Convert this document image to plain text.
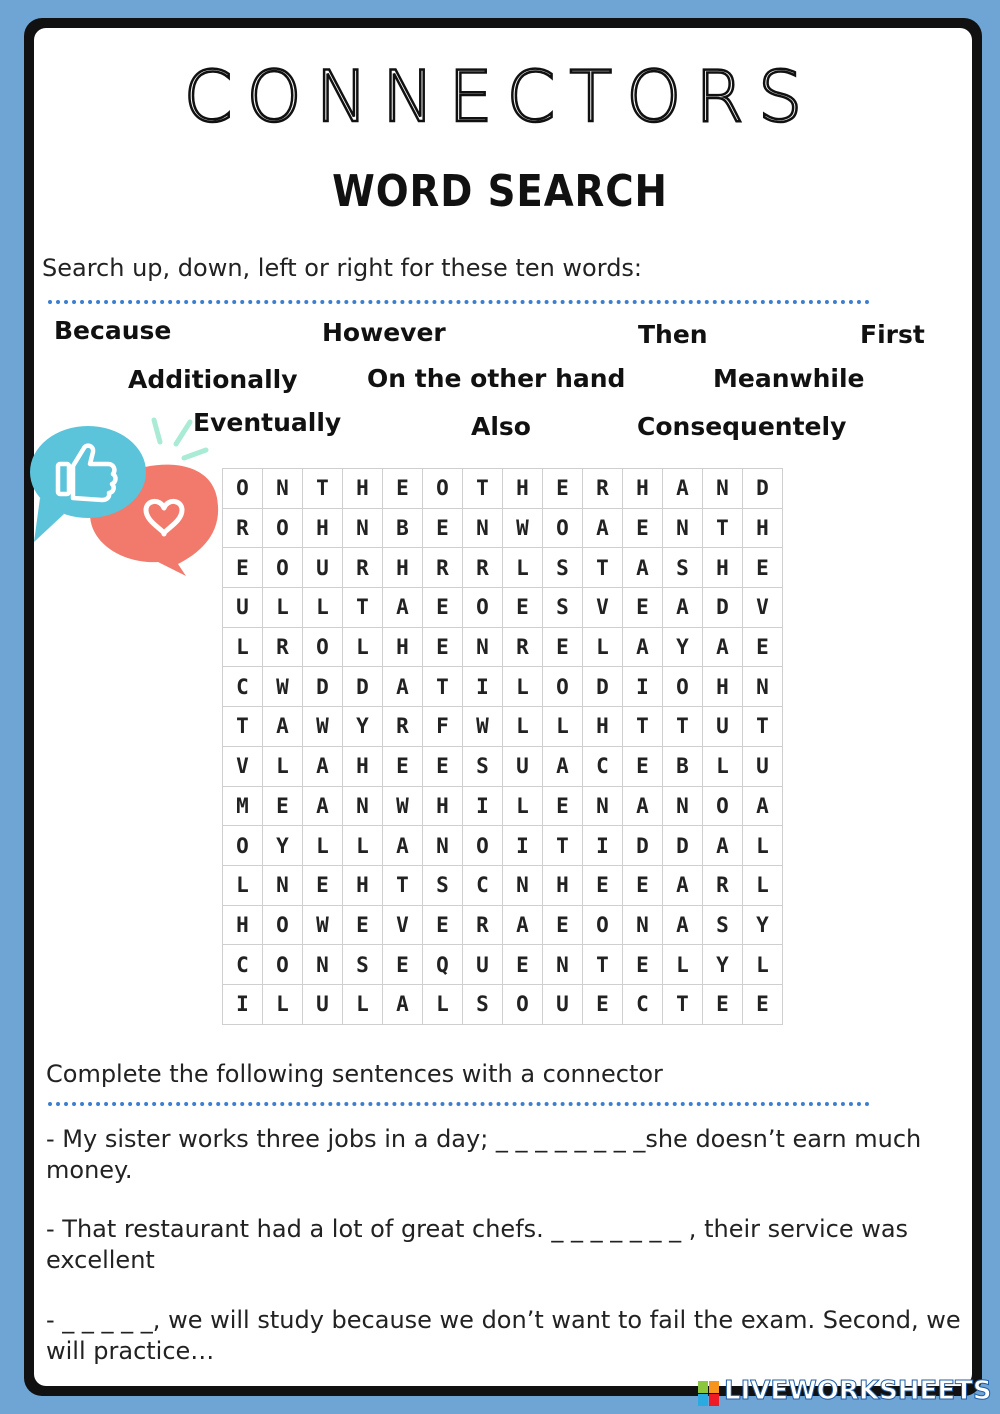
CONNECTORS
WORD SEARCH
Search up, down, left or right for these ten words:
Because	However	Then	First
Additionally	On the other hand	Meanwhile
Eventually	Also	Consequentely
O	N	T	H	E	O	T	H	E	R	H	A	N	D
R	O	H	N	B	E	N	W	O	A	E	N	T	H
E	O	U	R	H	R	R	L	S	T	A	S	H	E
U	L	L	T	A	E	O	E	S	V	E	A	D	V
L	R	O	L	H	E	N	R	E	L	A	Y	A	E
C	W	D	D	A	T	I	L	O	D	I	O	H	N
T	A	W	Y	R	F	W	L	L	H	T	T	U	T
V	L	A	H	E	E	S	U	A	C	E	B	L	U
M	E	A	N	W	H	I	L	E	N	A	N	O	A
O	Y	L	L	A	N	O	I	T	I	D	D	A	L
L	N	E	H	T	S	C	N	H	E	E	A	R	L
H	O	W	E	V	E	R	A	E	O	N	A	S	Y
C	O	N	S	E	Q	U	E	N	T	E	L	Y	L
I	L	U	L	A	L	S	O	U	E	C	T	E	E
Complete the following sentences with a connector
- My sister works three jobs in a day; _ _ _ _ _ _ _ _she doesn’t earn much money.
- That restaurant had a lot of great chefs. _ _ _ _ _ _ _ , their service was excellent
- _ _ _ _ _, we will study because we don’t want to fail the exam. Second, we will practice…
LIVEWORKSHEETS
